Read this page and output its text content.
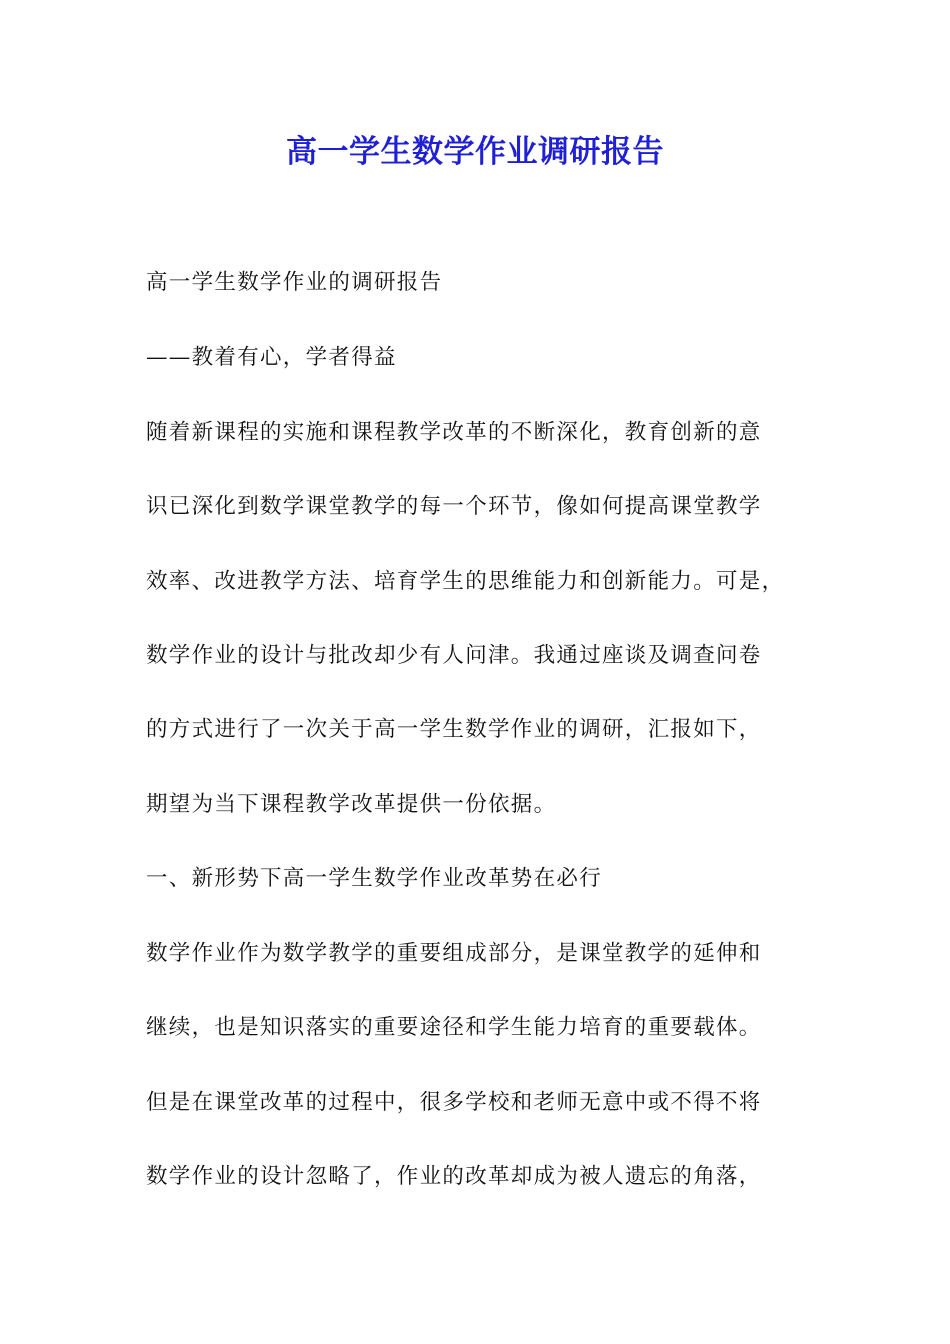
高一学生数学作业调研报告
高一学生数学作业的调研报告
——教着有心，学者得益
随着新课程的实施和课程教学改革的不断深化，教育创新的意
识已深化到数学课堂教学的每一个环节，像如何提高课堂教学
效率、改进教学方法、培育学生的思维能力和创新能力。可是，
数学作业的设计与批改却少有人问津。我通过座谈及调查问卷
的方式进行了一次关于高一学生数学作业的调研，汇报如下，
期望为当下课程教学改革提供一份依据。
一、新形势下高一学生数学作业改革势在必行
数学作业作为数学教学的重要组成部分，是课堂教学的延伸和
继续，也是知识落实的重要途径和学生能力培育的重要载体。
但是在课堂改革的过程中，很多学校和老师无意中或不得不将
数学作业的设计忽略了，作业的改革却成为被人遗忘的角落，
